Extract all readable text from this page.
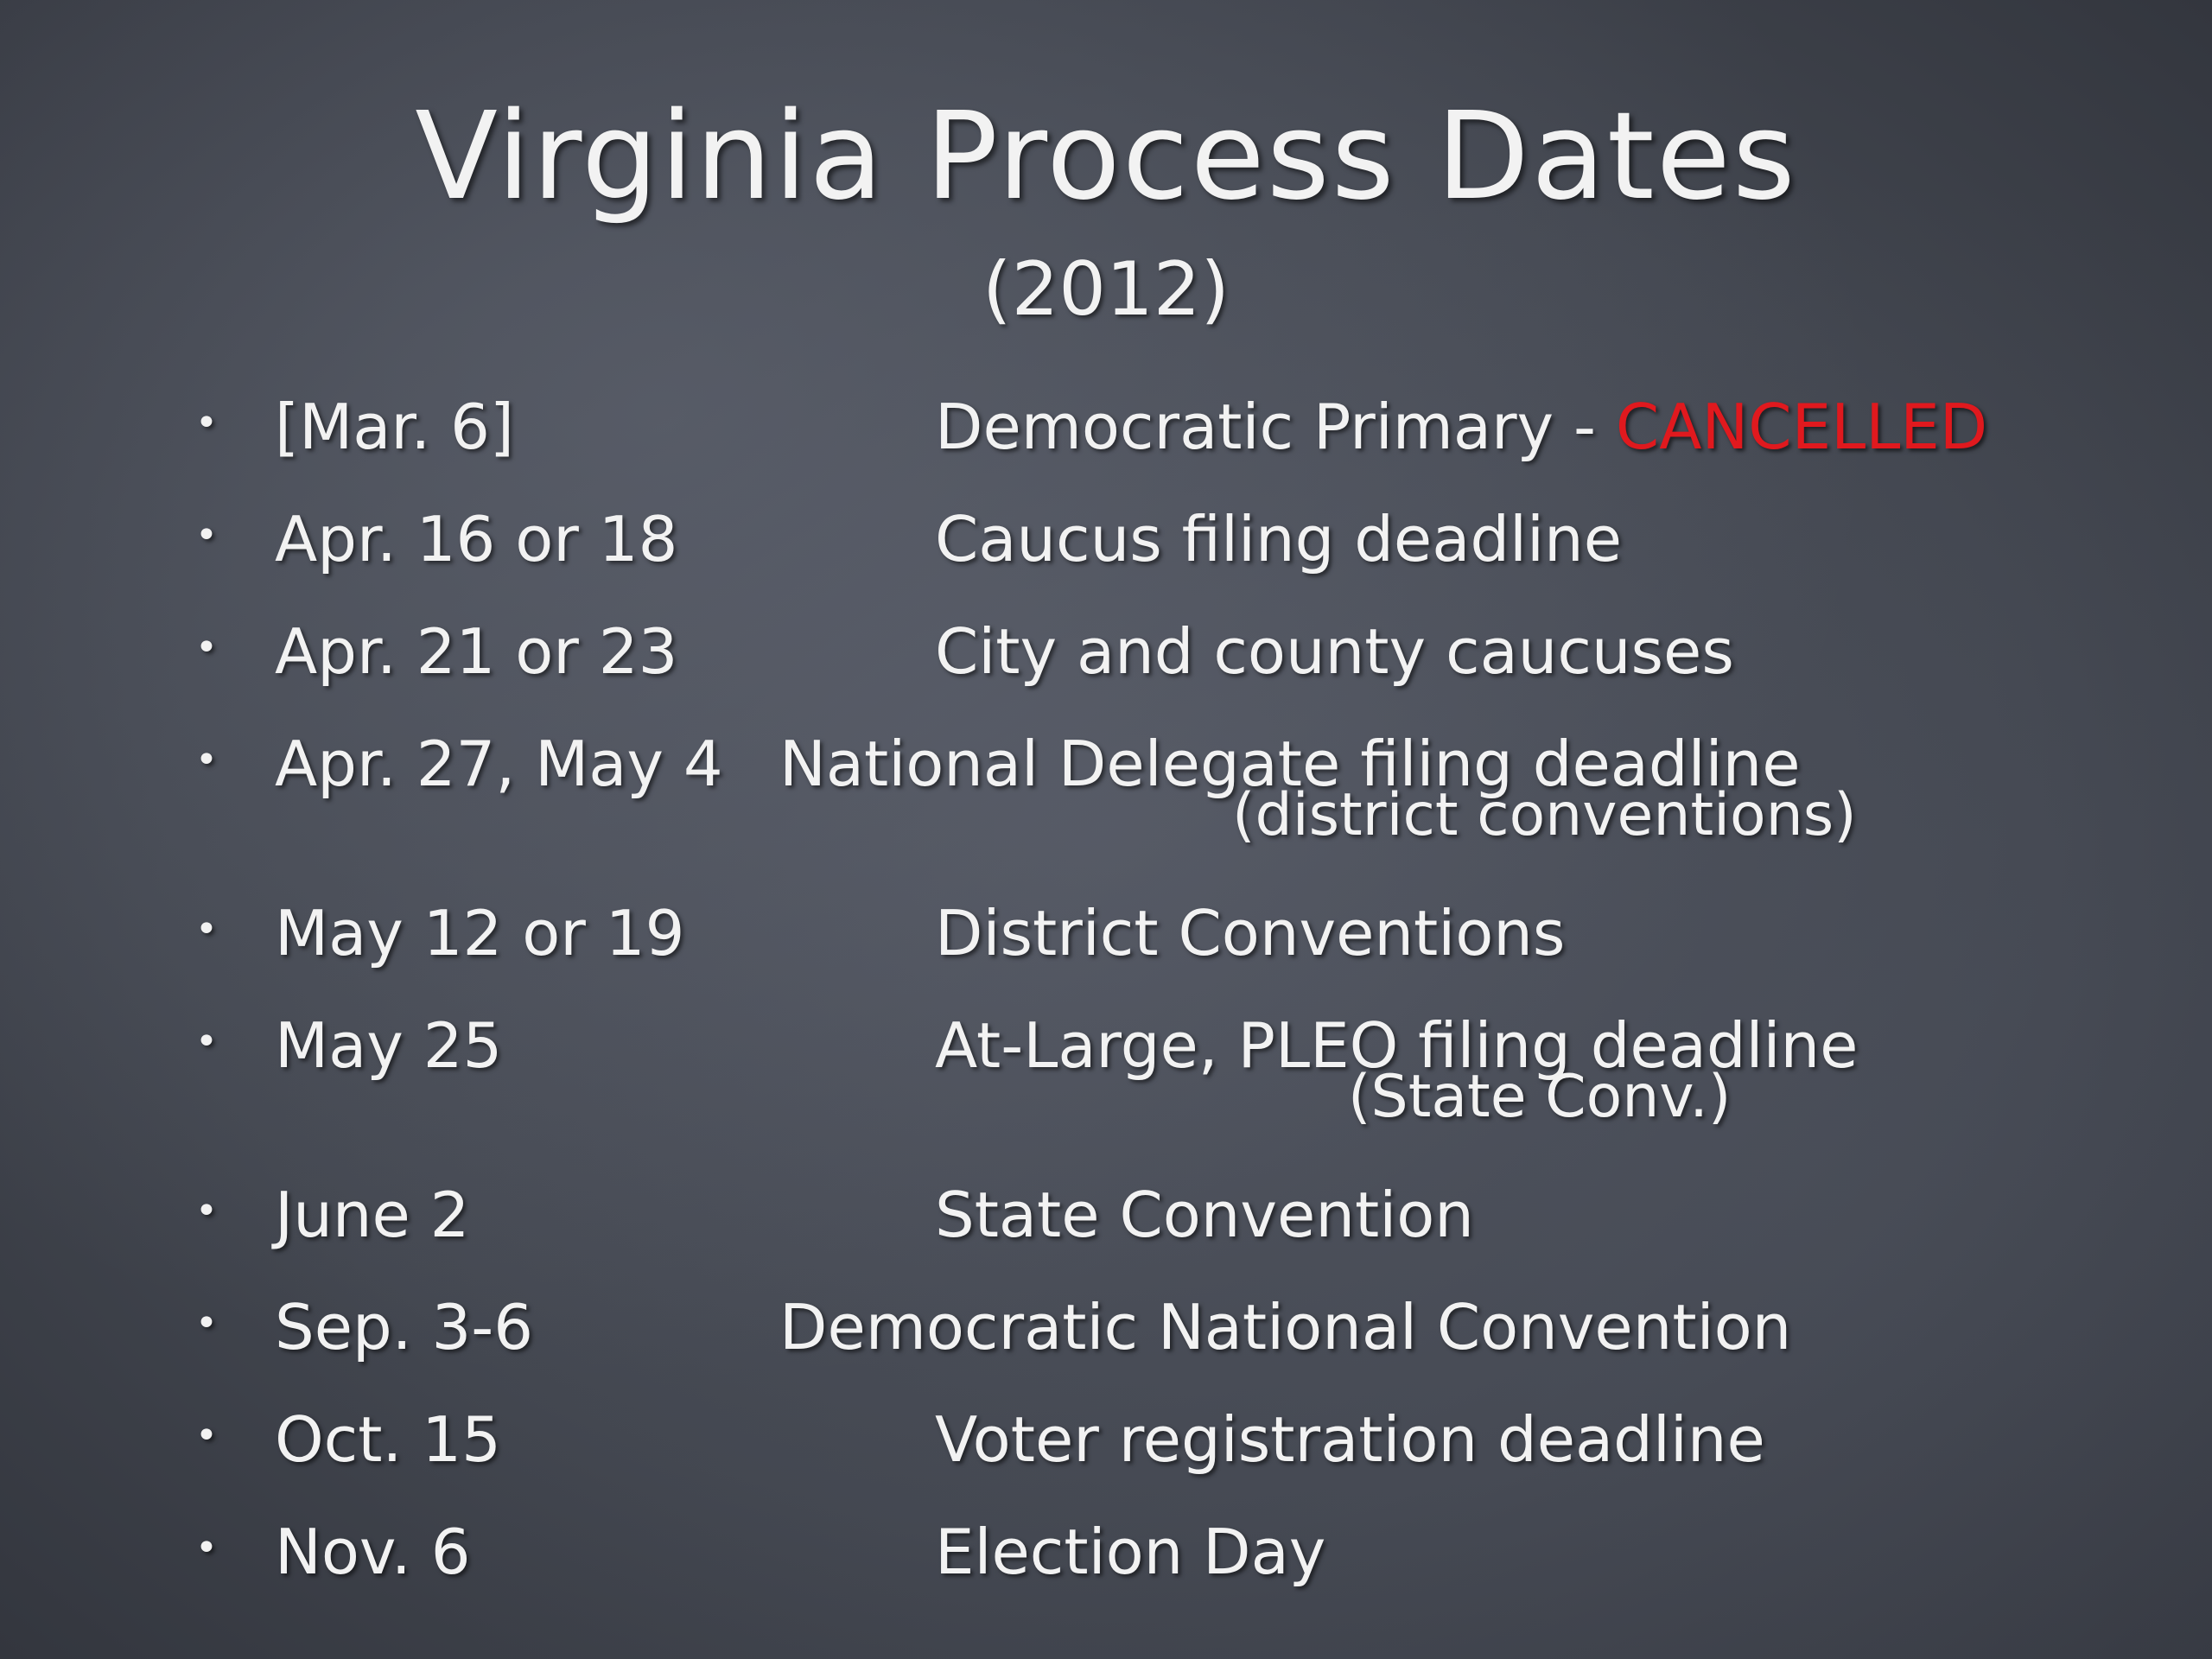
Virginia Process Dates
(2012)
• [Mar. 6]	Democratic Primary - CANCELLED
• Apr. 16 or 18	Caucus filing deadline
• Apr. 21 or 23	City and county caucuses
• Apr. 27, May 4 National Delegate filing deadline
(district conventions)
• May 12 or 19	District Conventions
• May 25	At-Large, PLEO filing deadline
(State Conv.)
• June 2	State Convention
• Sep. 3-6	Democratic National Convention
• Oct. 15	Voter registration deadline
• Nov. 6	Election Day
